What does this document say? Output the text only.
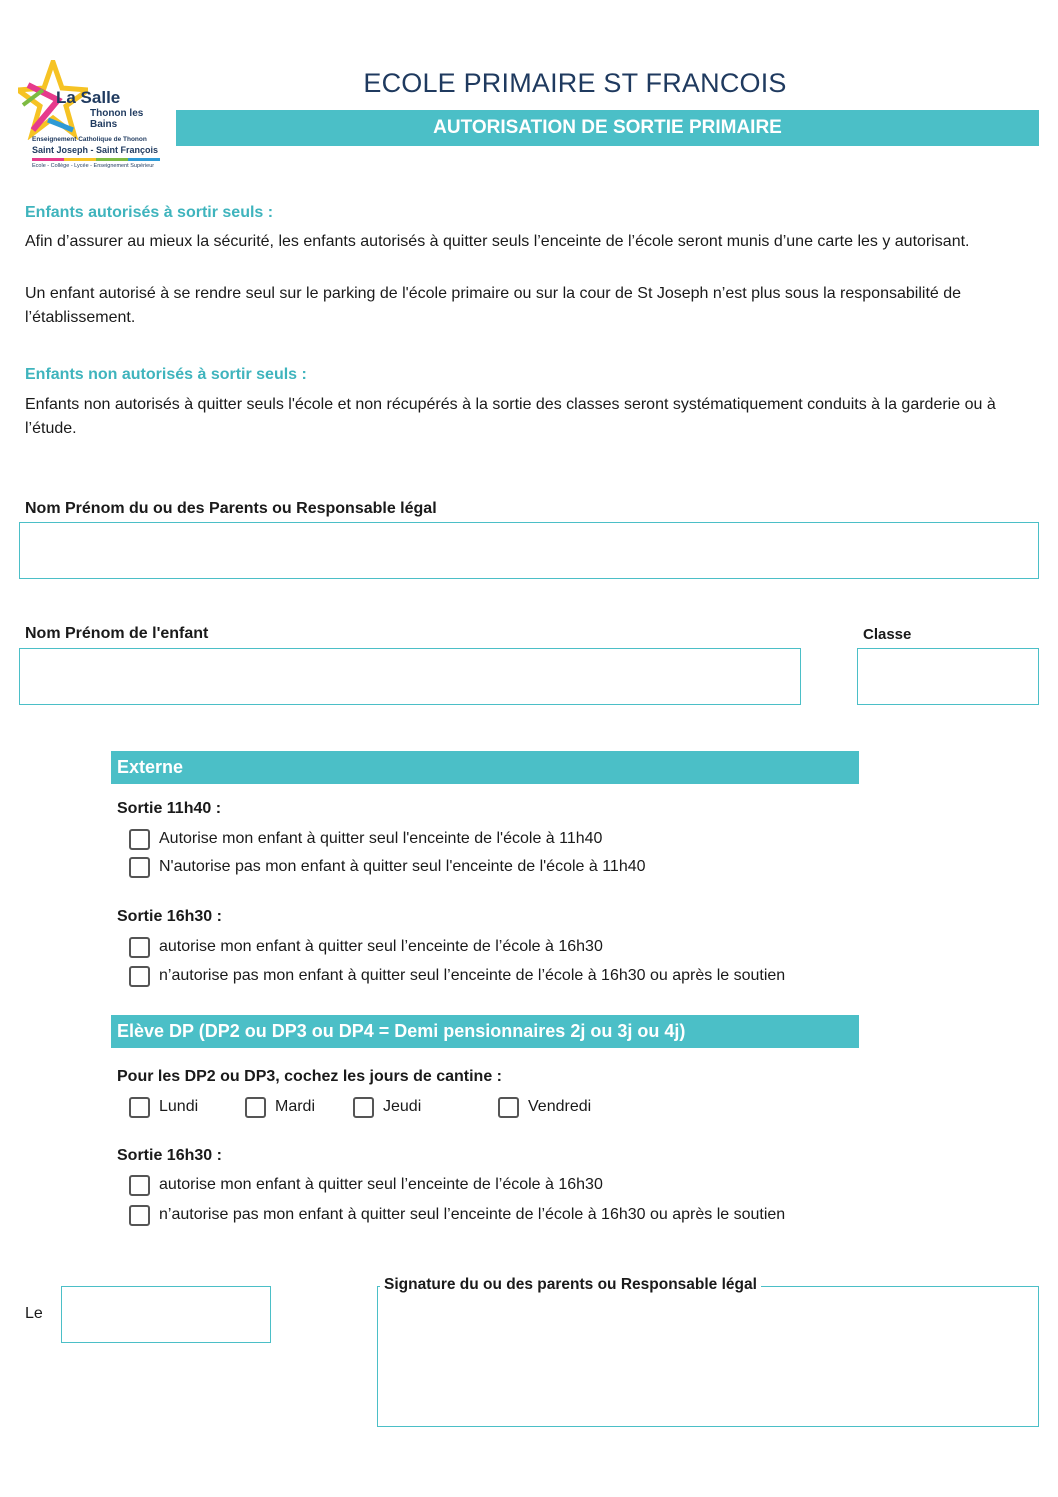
La Salle
Thonon les Bains
Enseignement Catholique de Thonon
Saint Joseph - Saint François
Ecole - Collège - Lycée - Enseignement Supérieur
ECOLE PRIMAIRE ST FRANCOIS
AUTORISATION DE SORTIE PRIMAIRE
Enfants autorisés à sortir seuls :
Afin d’assurer au mieux la sécurité, les enfants autorisés à quitter seuls l’enceinte de l’école seront munis d’une carte les y autorisant.
Un enfant autorisé à se rendre seul sur le parking de l'école primaire ou sur la cour de St Joseph n’est plus sous la responsabilité de l’établissement.
Enfants non autorisés à sortir seuls :
Enfants non autorisés à quitter seuls l'école et non récupérés à la sortie des classes seront systématiquement conduits à la garderie ou à l’étude.
Nom Prénom du ou des Parents ou Responsable légal
Nom Prénom de l'enfant	Classe
Externe
Sortie 11h40 :
Autorise mon enfant à quitter seul l'enceinte de l'école à 11h40
N'autorise pas mon enfant à quitter seul l'enceinte de l'école à 11h40
Sortie 16h30 :
autorise mon enfant à quitter seul l’enceinte de l’école à 16h30
n’autorise pas mon enfant à quitter seul l’enceinte de l’école à 16h30 ou après le soutien
Elève DP (DP2 ou DP3 ou DP4 = Demi pensionnaires 2j ou 3j ou 4j)
Pour les DP2 ou DP3, cochez les jours de cantine :
Lundi	Mardi	Jeudi	Vendredi
Sortie 16h30 :
autorise mon enfant à quitter seul l’enceinte de l’école à 16h30
n’autorise pas mon enfant à quitter seul l’enceinte de l’école à 16h30 ou après le soutien
Le
Signature du ou des parents ou Responsable légal
